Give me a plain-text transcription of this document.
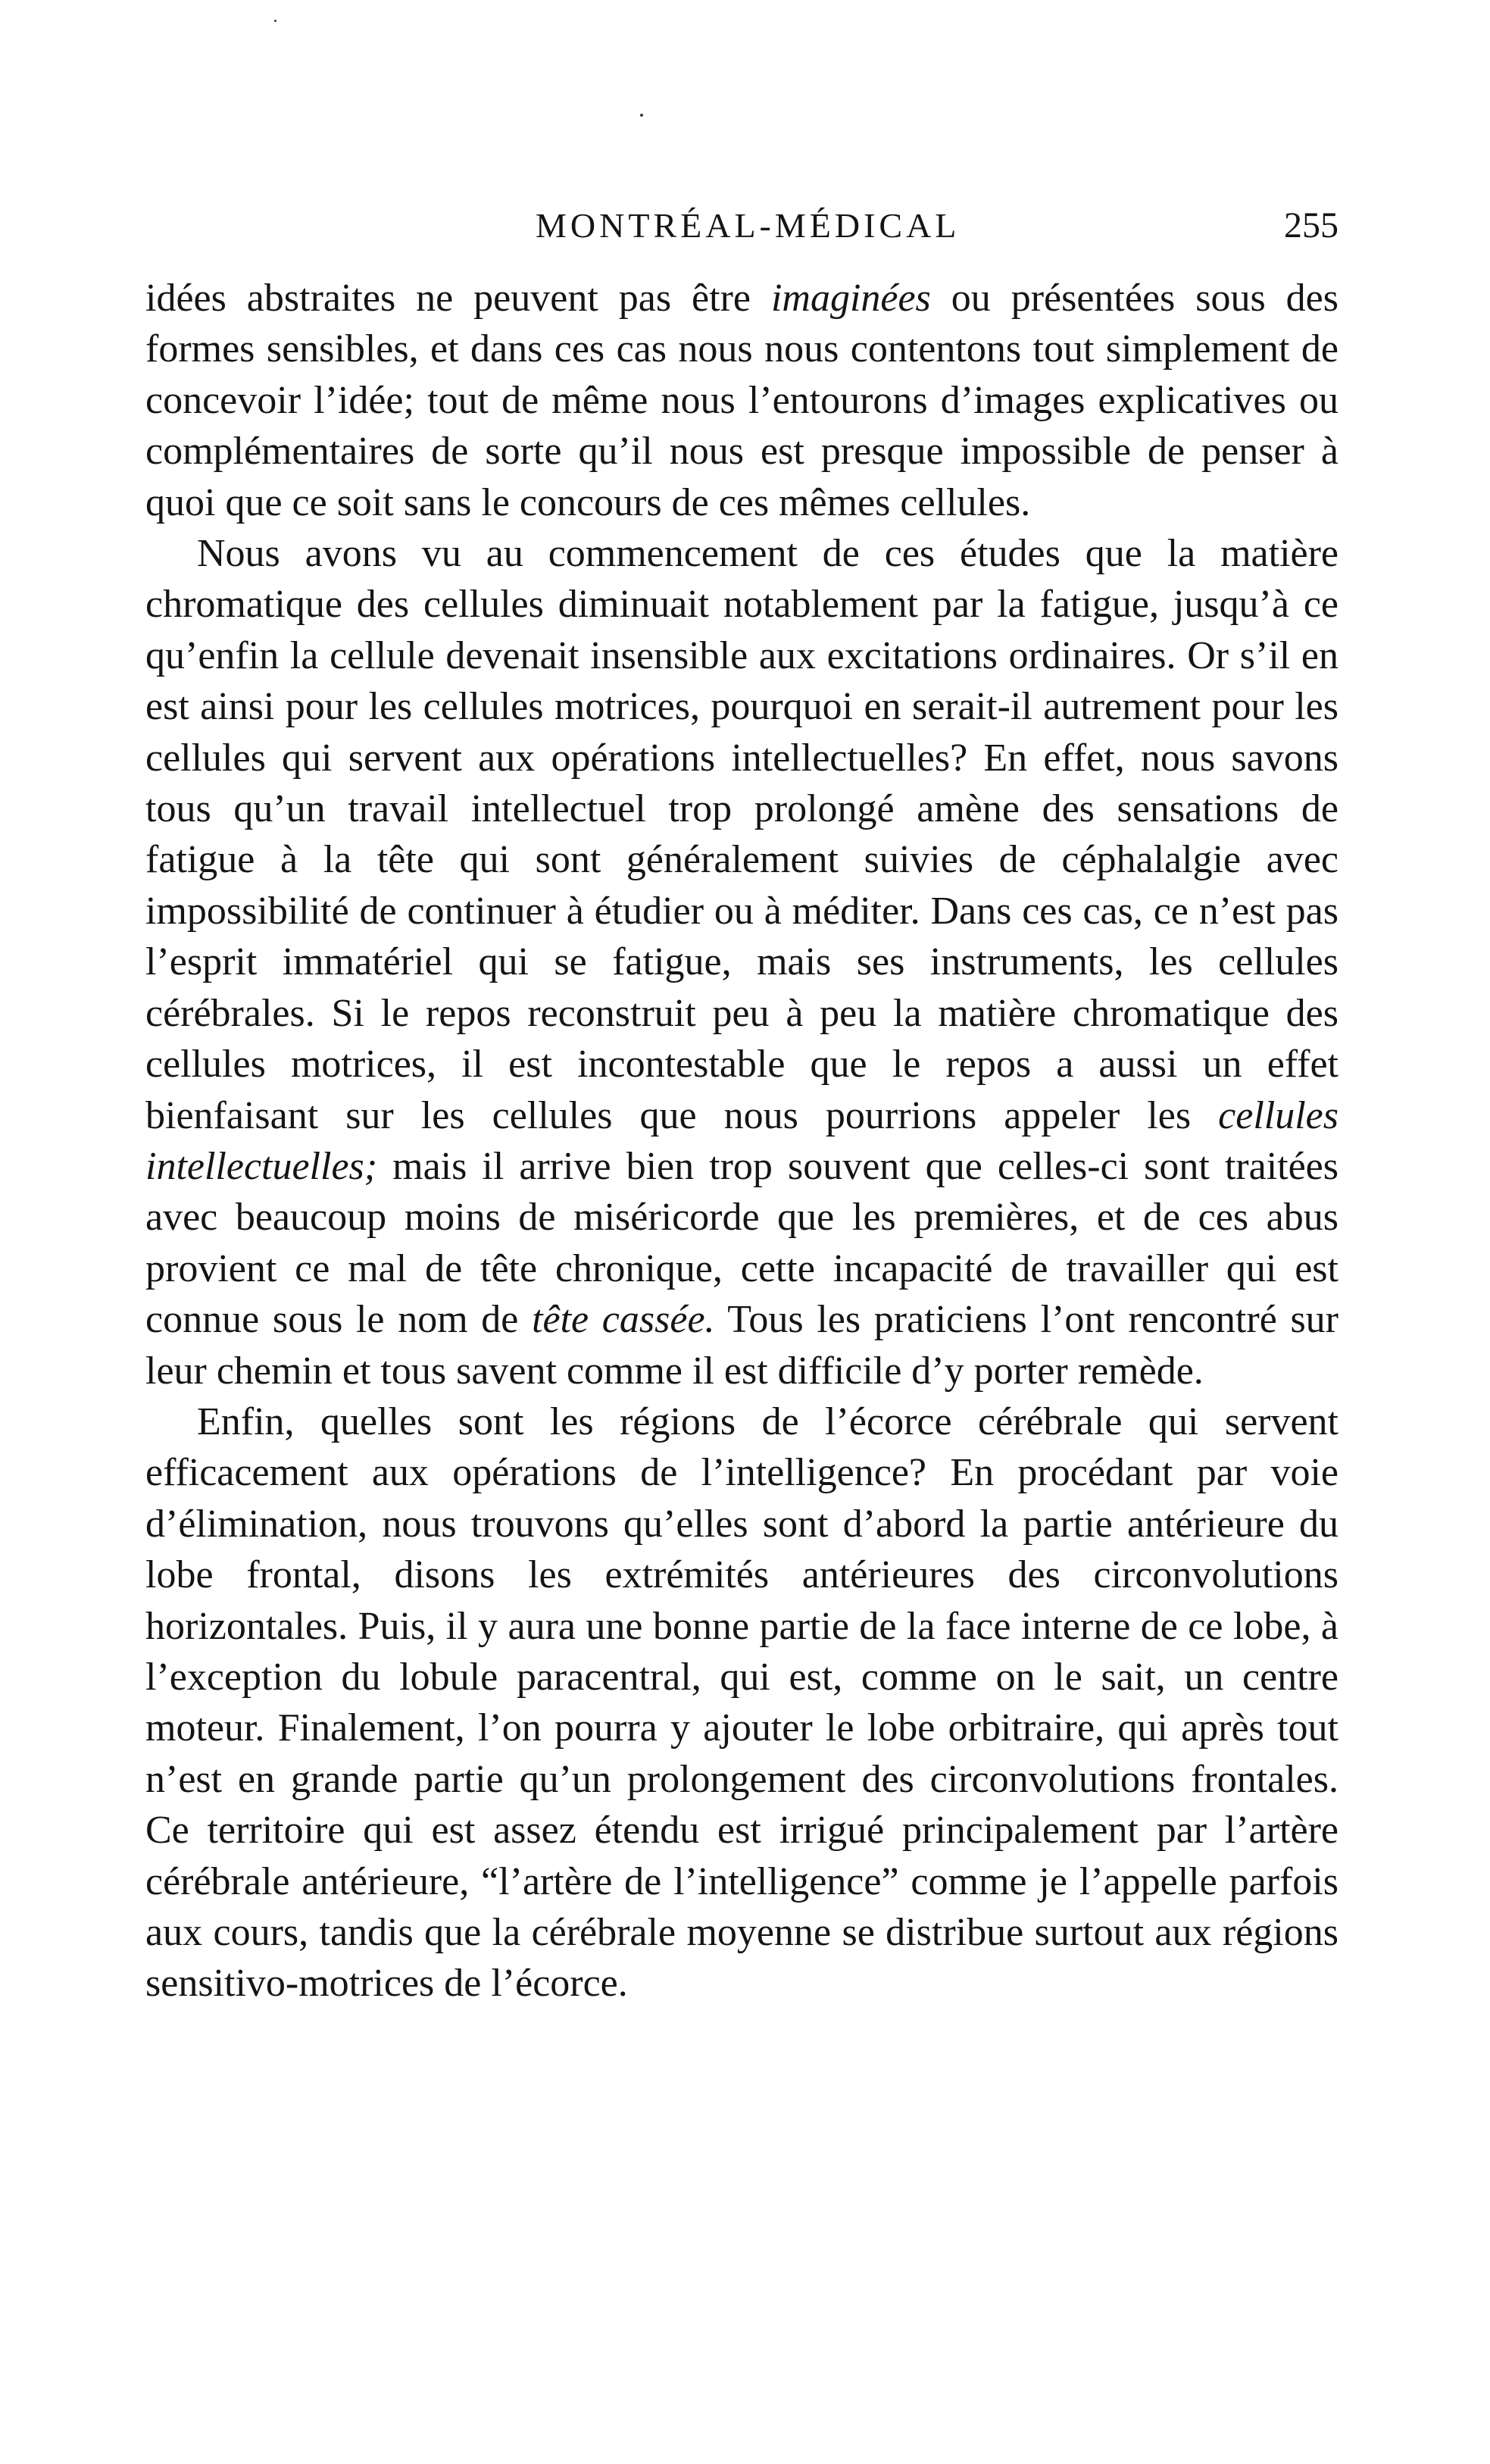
MONTRÉAL-MÉDICAL	255

idées abstraites ne peuvent pas être imaginées ou présentées sous des formes sensibles, et dans ces cas nous nous contentons tout simplement de concevoir l’idée; tout de même nous l’entourons d’images explicatives ou complémentaires de sorte qu’il nous est presque impossible de penser à quoi que ce soit sans le concours de ces mêmes cellules.

Nous avons vu au commencement de ces études que la matière chromatique des cellules diminuait notablement par la fatigue, jusqu’à ce qu’enfin la cellule devenait insensible aux excitations ordinaires. Or s’il en est ainsi pour les cellules motrices, pourquoi en serait-il autrement pour les cellules qui servent aux opérations intellectuelles? En effet, nous savons tous qu’un travail intellectuel trop prolongé amène des sensations de fatigue à la tête qui sont généralement suivies de céphalalgie avec impossibilité de continuer à étudier ou à méditer. Dans ces cas, ce n’est pas l’esprit immatériel qui se fatigue, mais ses instruments, les cellules cérébrales. Si le repos reconstruit peu à peu la matière chromatique des cellules motrices, il est incontestable que le repos a aussi un effet bienfaisant sur les cellules que nous pourrions appeler les cellules intellectuelles; mais il arrive bien trop souvent que celles-ci sont traitées avec beaucoup moins de miséricorde que les premières, et de ces abus provient ce mal de tête chronique, cette incapacité de travailler qui est connue sous le nom de tête cassée. Tous les praticiens l’ont rencontré sur leur chemin et tous savent comme il est difficile d’y porter remède.

Enfin, quelles sont les régions de l’écorce cérébrale qui servent efficacement aux opérations de l’intelligence? En procédant par voie d’élimination, nous trouvons qu’elles sont d’abord la partie antérieure du lobe frontal, disons les extrémités antérieures des circonvolutions horizontales. Puis, il y aura une bonne partie de la face interne de ce lobe, à l’exception du lobule paracentral, qui est, comme on le sait, un centre moteur. Finalement, l’on pourra y ajouter le lobe orbitraire, qui après tout n’est en grande partie qu’un prolongement des circonvolutions frontales. Ce territoire qui est assez étendu est irrigué principalement par l’artère cérébrale antérieure, “l’artère de l’intelligence” comme je l’appelle parfois aux cours, tandis que la cérébrale moyenne se distribue surtout aux régions sensitivo-motrices de l’écorce.
